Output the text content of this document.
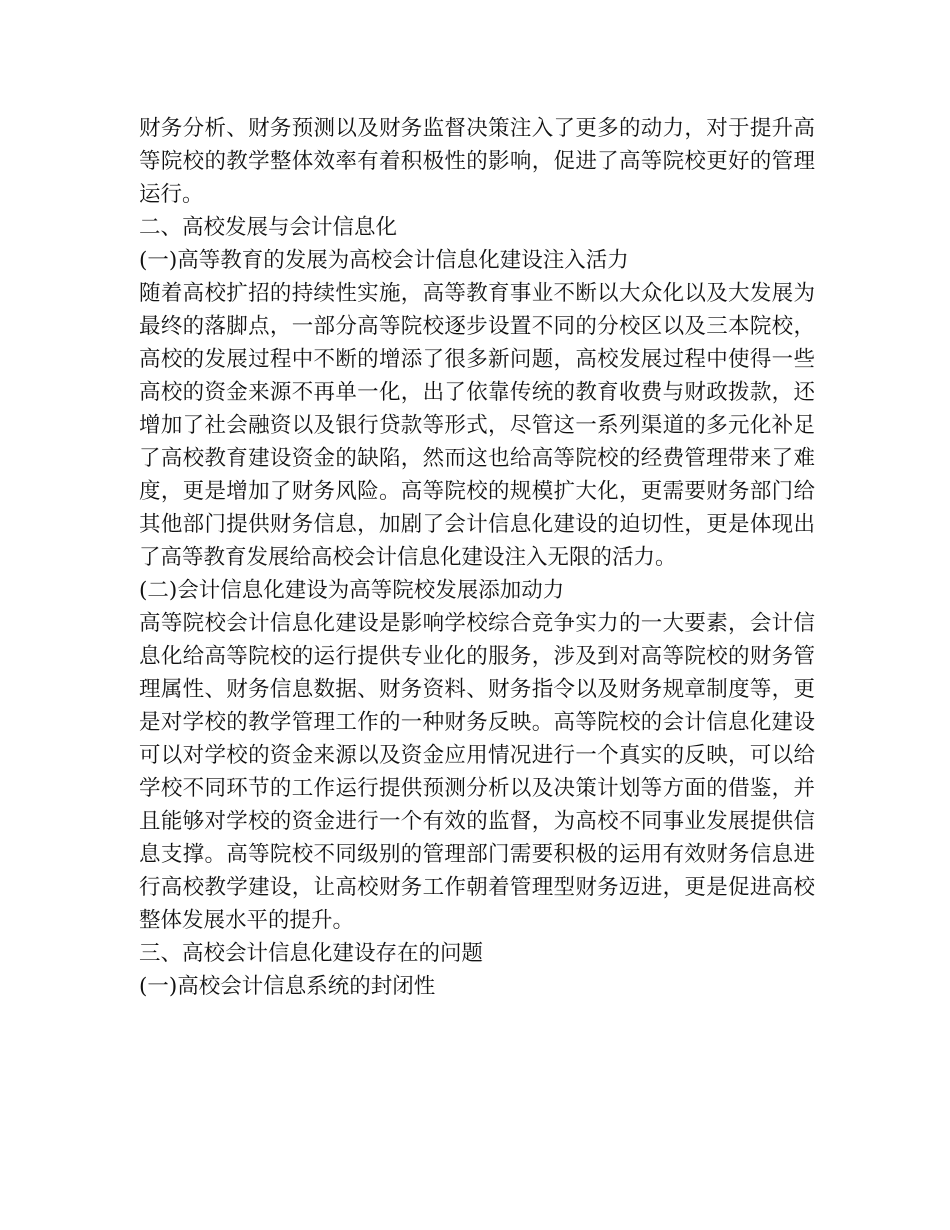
财务分析、财务预测以及财务监督决策注入了更多的动力，对于提升高
等院校的教学整体效率有着积极性的影响，促进了高等院校更好的管理
运行。
二、高校发展与会计信息化
(一)高等教育的发展为高校会计信息化建设注入活力
随着高校扩招的持续性实施，高等教育事业不断以大众化以及大发展为
最终的落脚点，一部分高等院校逐步设置不同的分校区以及三本院校，
高校的发展过程中不断的增添了很多新问题，高校发展过程中使得一些
高校的资金来源不再单一化，出了依靠传统的教育收费与财政拨款，还
增加了社会融资以及银行贷款等形式，尽管这一系列渠道的多元化补足
了高校教育建设资金的缺陷，然而这也给高等院校的经费管理带来了难
度，更是增加了财务风险。高等院校的规模扩大化，更需要财务部门给
其他部门提供财务信息，加剧了会计信息化建设的迫切性，更是体现出
了高等教育发展给高校会计信息化建设注入无限的活力。
(二)会计信息化建设为高等院校发展添加动力
高等院校会计信息化建设是影响学校综合竞争实力的一大要素，会计信
息化给高等院校的运行提供专业化的服务，涉及到对高等院校的财务管
理属性、财务信息数据、财务资料、财务指令以及财务规章制度等，更
是对学校的教学管理工作的一种财务反映。高等院校的会计信息化建设
可以对学校的资金来源以及资金应用情况进行一个真实的反映，可以给
学校不同环节的工作运行提供预测分析以及决策计划等方面的借鉴，并
且能够对学校的资金进行一个有效的监督，为高校不同事业发展提供信
息支撑。高等院校不同级别的管理部门需要积极的运用有效财务信息进
行高校教学建设，让高校财务工作朝着管理型财务迈进，更是促进高校
整体发展水平的提升。
三、高校会计信息化建设存在的问题
(一)高校会计信息系统的封闭性
